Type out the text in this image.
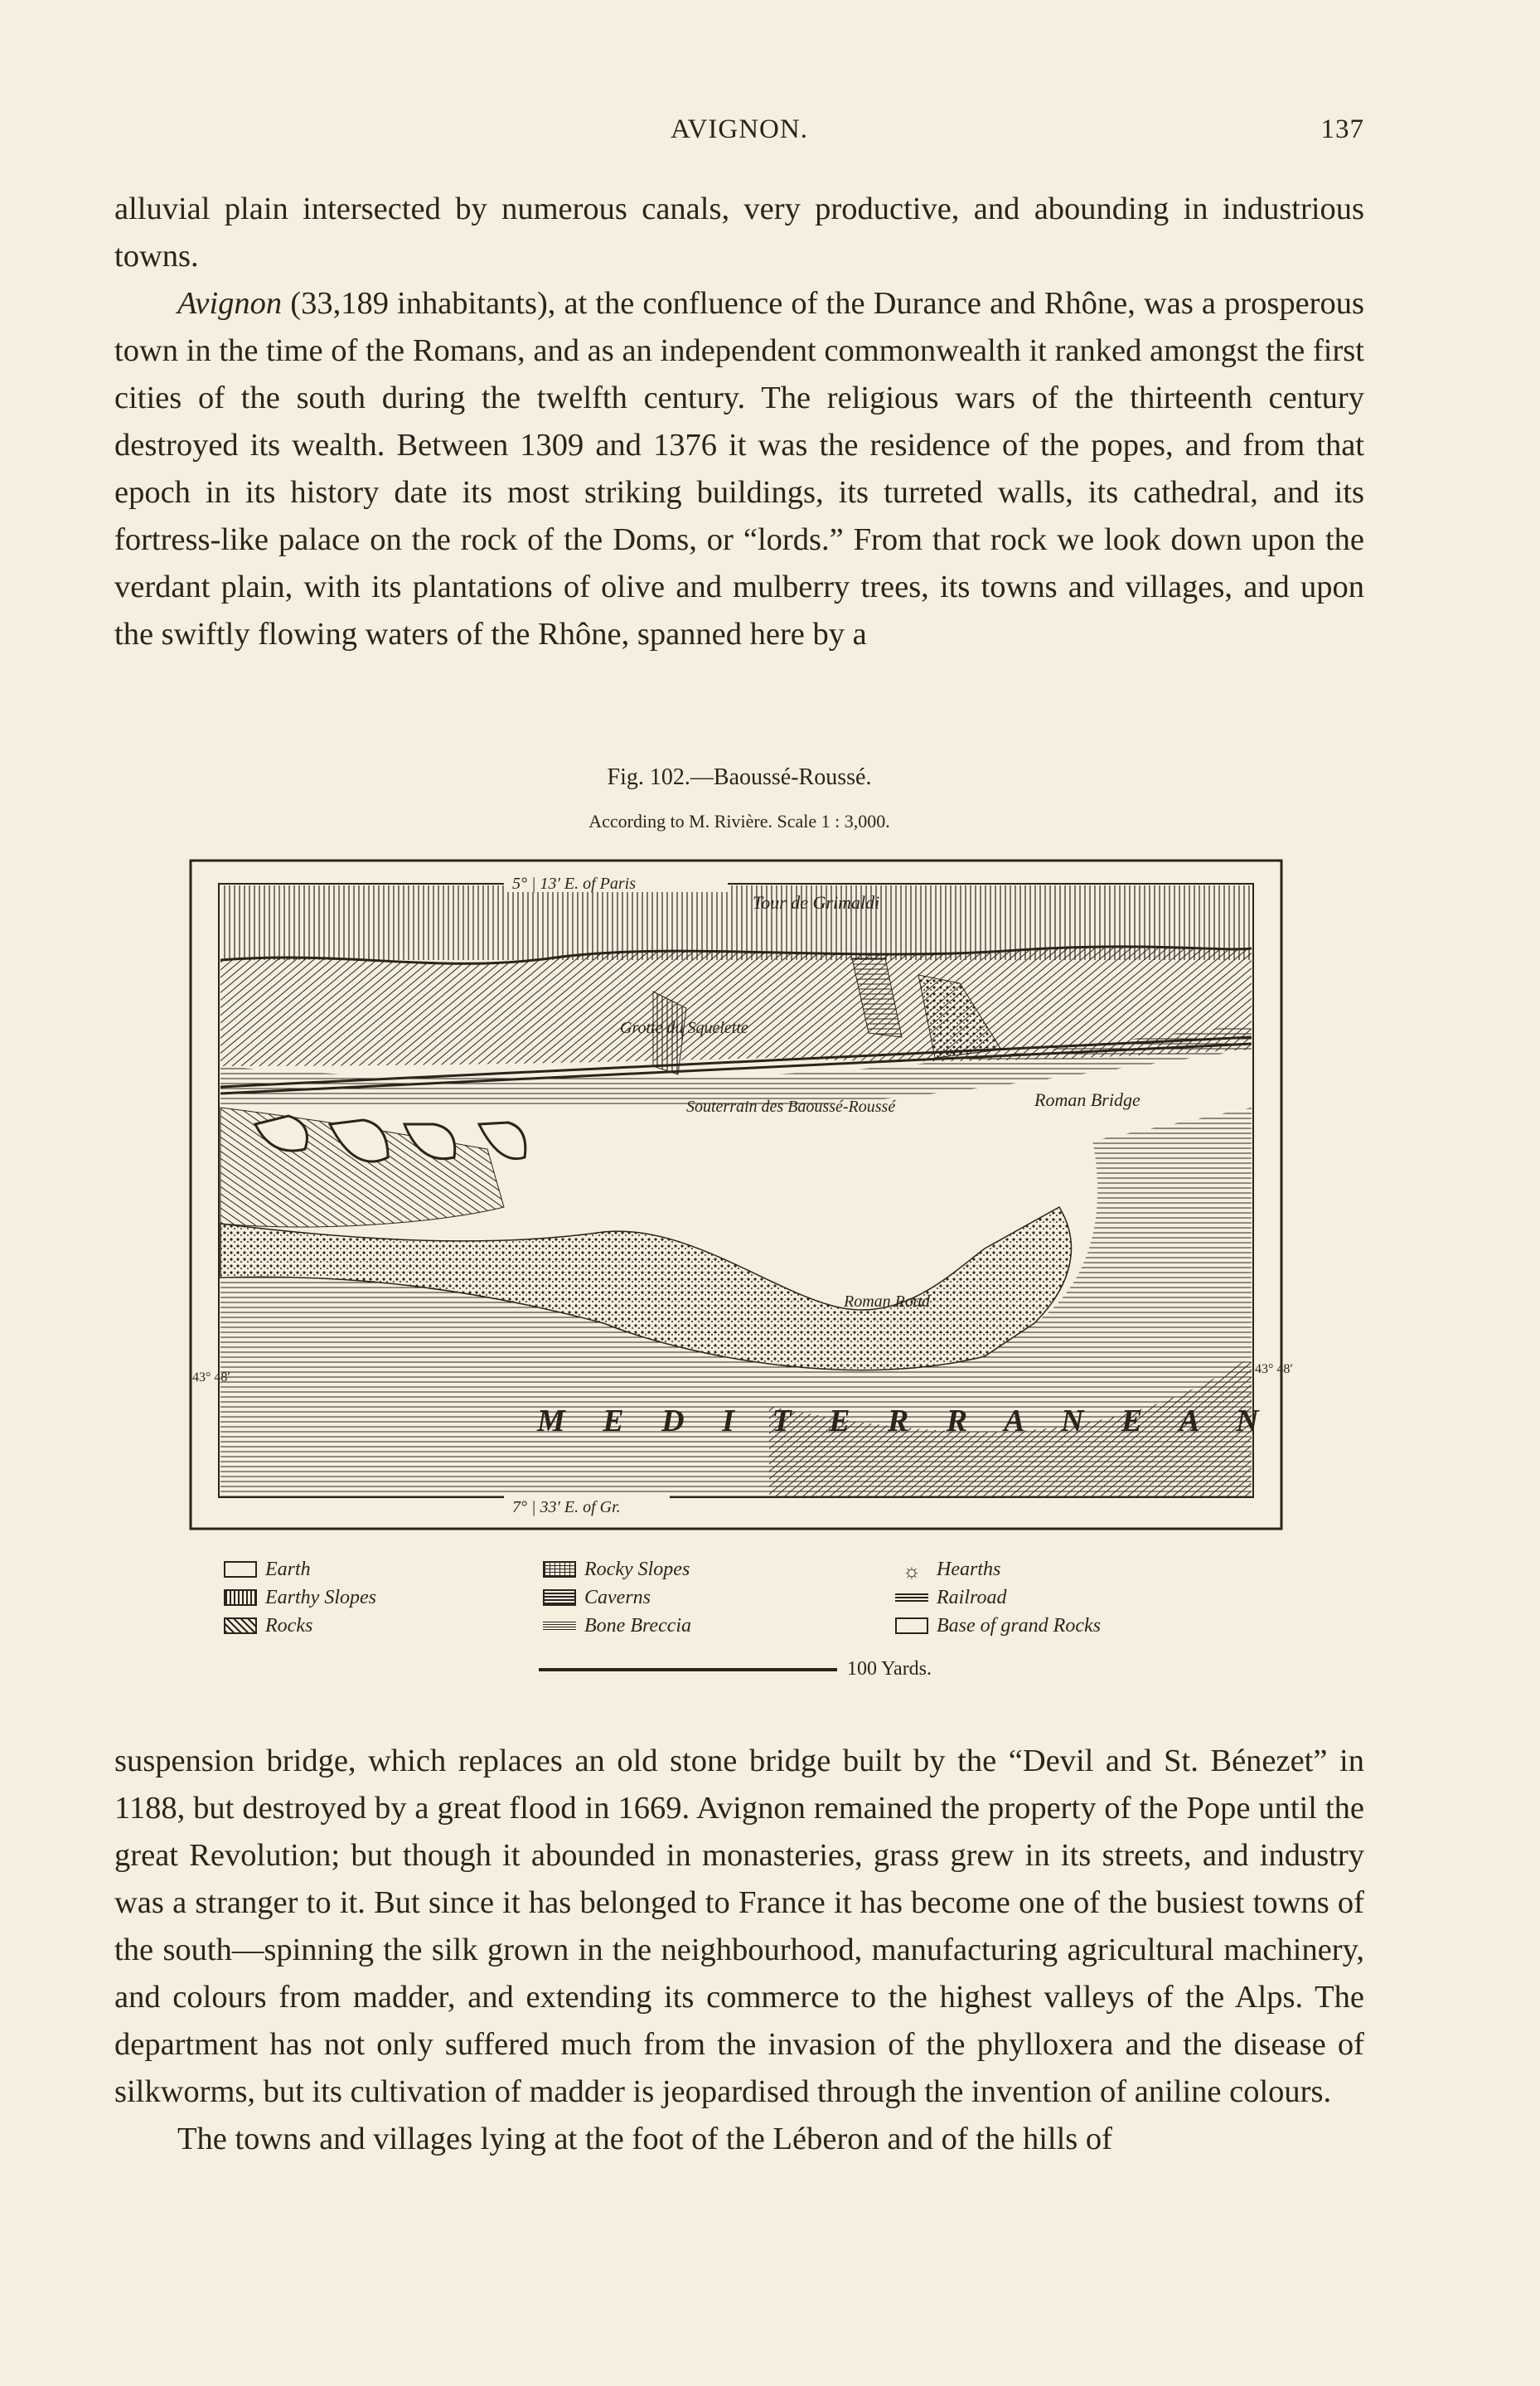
AVIGNON.	137

alluvial plain intersected by numerous canals, very productive, and abounding in industrious towns.

Avignon (33,189 inhabitants), at the confluence of the Durance and Rhône, was a prosperous town in the time of the Romans, and as an independent commonwealth it ranked amongst the first cities of the south during the twelfth century. The religious wars of the thirteenth century destroyed its wealth. Between 1309 and 1376 it was the residence of the popes, and from that epoch in its history date its most striking buildings, its turreted walls, its cathedral, and its fortress-like palace on the rock of the Doms, or “lords.” From that rock we look down upon the verdant plain, with its plantations of olive and mulberry trees, its towns and villages, and upon the swiftly flowing waters of the Rhône, spanned here by a

Fig. 102.—Baoussé-Roussé.
According to M. Rivière. Scale 1 : 3,000.
5° | 13′ E. of Paris
7° | 33′ E. of Gr.
43° 48′
43° 48′
Tour de Grimaldi
Grotte du Squelette
Souterrain des Baoussé-Roussé	Roman Bridge
Roman Road
M E D I T E R R A N E A N
Earth
Earthy Slopes
Rocks
Rocky Slopes
Caverns
Bone Breccia
☼ Hearths
Railroad
Base of grand Rocks
100 Yards.

suspension bridge, which replaces an old stone bridge built by the “Devil and St. Bénezet” in 1188, but destroyed by a great flood in 1669. Avignon remained the property of the Pope until the great Revolution; but though it abounded in monasteries, grass grew in its streets, and industry was a stranger to it. But since it has belonged to France it has become one of the busiest towns of the south—spinning the silk grown in the neighbourhood, manufacturing agricultural machinery, and colours from madder, and extending its commerce to the highest valleys of the Alps. The department has not only suffered much from the invasion of the phylloxera and the disease of silkworms, but its cultivation of madder is jeopardised through the invention of aniline colours.

The towns and villages lying at the foot of the Léberon and of the hills of
